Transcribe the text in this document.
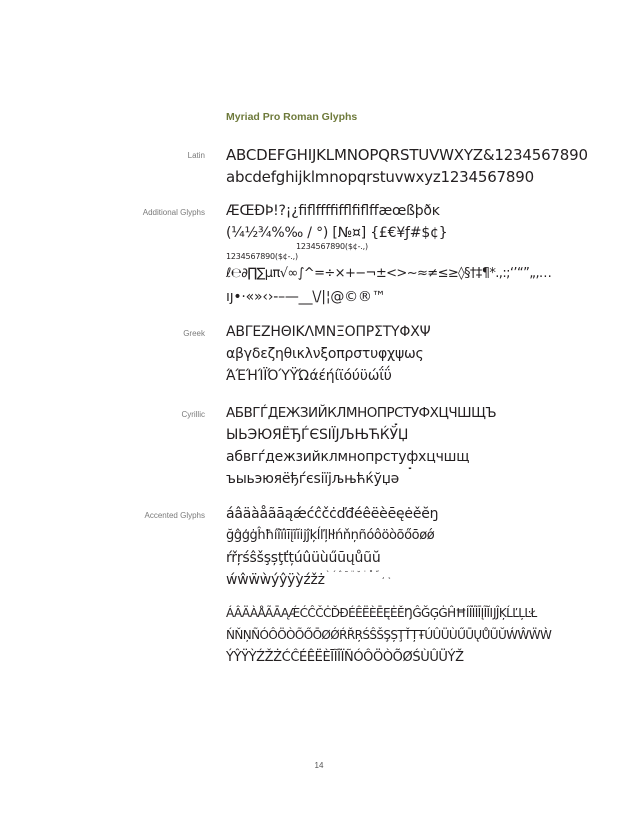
Myriad Pro Roman Glyphs
Latin ABCDEFGHIJKLMNOPQRSTUVWXYZ&1234567890
abcdefghijklmnopqrstuvwxyz1234567890
Additional Glyphs ÆŒÐÞ!?¡¿ﬁﬂﬀﬃﬄﬁﬂﬀæœßþðĸ
(¼½¾%‰ / °) [№¤] {£€¥ƒ#$¢}
1234567890($¢-.,)
1234567890($¢-.,)
ℓ℮∂∏∑µπ√∞∫^=÷×+−¬±<>~≈≠≤≥◊§†‡¶*.,:;‘’“”„‚…
ıȷ•·«»‹›-–—__\/|¦@©®™
Greek ΑΒΓΕΖΗΘΙΚΛΜΝΞΟΠΡΣΤΥΦΧΨ
αβγδεζηθικλνξοπρστυφχψως
ΆΈΉΊΪΌΎΫΏάέήίϊόύϋώΐΰ
Cyrillic АБВГЃДЕЖЗИЙКЛМНОПРСТУФХЦЧШЩЪ
ЫЬЭЮЯЁЂЃЄЅІЇЈЉЊЋЌЎЏ
абвгѓдежзийклмнопрстуфхцчшщ
ъыьэюяёђѓєѕіїјљњћќўџә
Accented Glyphs áâäàåãāąǽćĉčċďđéêëèēęėěĕŋ
ğĝģġĥħíîïìīįĩĭĳĵķĺľļŀłńňņñóôöòõőōøǿ
ŕřŗśŝšşșţťțúûüùűūųůũŭ
ẃŵẅẁýŷÿỳźžż ` ´ ˆ ˜ ¨ ˘ ˙ ˚ ˝ ¸ ˛
ÁÂÄÀÅÃĀĄǼĆĈČĊĎĐÉÊËÈĒĘĖĚŊĜĞĢĠĤĦÍÎÏÌĪĮĨĬĲĴĶĹĽĻĿŁ
ŃŇŅÑÓÔÖÒÕŐŌØǾŔŘŖŚŜŠŞȘŢŤȚŦÚÛÜÙŰŪŲŮŨŬẂŴẄẀ
ÝŶŸỲŹŽŻĆĈÉÊËÈĪĨÎÏÑÓÔÖÒÕØŚÙÛÜÝŽ
14
